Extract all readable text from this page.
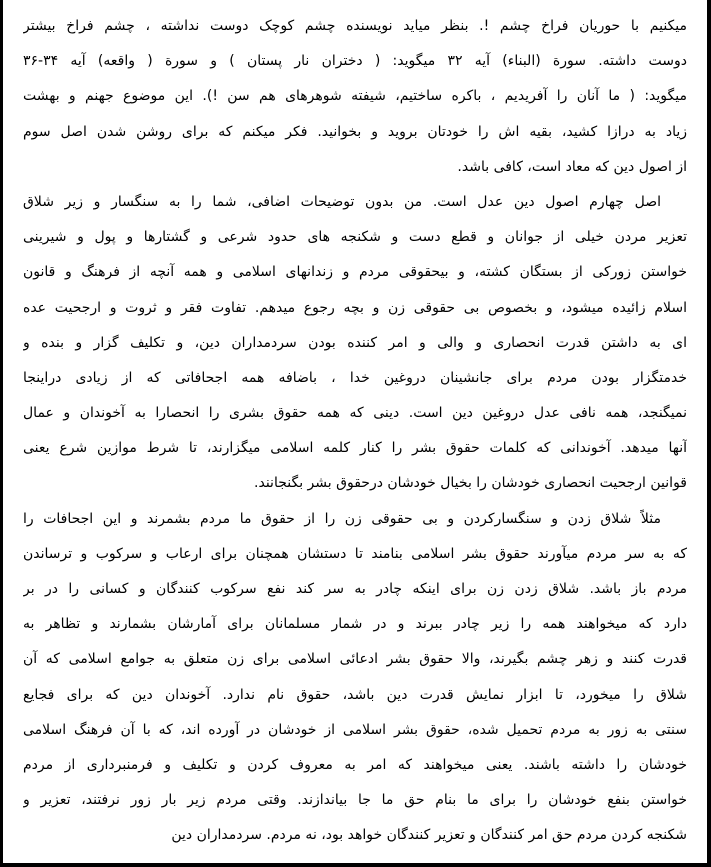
میکنیم با حوریان فراخ چشم !. بنظر میاید نویسنده چشم کوچک دوست نداشته ، چشم فراخ بیشتر
دوست داشته. سورة (البناء) آیه ۳۲ میگوید: ( دختران نار پستان ) و سورة ( واقعه) آیه ۳۴-۳۶
میگوید: ( ما آنان را آفریدیم ، باکره ساختیم، شیفته شوهرهای هم سن !). این موضوع جهنم و بهشت
زیاد به درازا کشید، بقیه اش را خودتان بروید و بخوانید. فکر میکنم که برای روشن شدن اصل سوم
از اصول دین که معاد است، کافی باشد.
اصل چهارم اصول دین عدل است. من بدون توضیحات اضافی، شما را به سنگسار و زیر شلاق
تعزیر مردن خیلی از جوانان و قطع دست و شکنجه های حدود شرعی و گشتارها و پول و شیرینی
خواستن زورکی از بستگان کشته، و بیحقوقی مردم و زندانهای اسلامی و همه آنچه از فرهنگ و قانون
اسلام زائیده میشود، و بخصوص بی حقوقی زن و بچه رجوع میدهم. تفاوت فقر و ثروت و ارجحیت عده
ای به داشتن قدرت انحصاری و والی و امر کننده بودن سردمداران دین، و تکلیف گزار و بنده و
خدمتگزار بودن مردم برای جانشینان دروغین خدا ، باضافه همه اجحافاتی که از زیادی دراینجا
نمیگنجد، همه نافی عدل دروغین دین است. دینی که همه حقوق بشری را انحصارا به آخوندان و عمال
آنها میدهد. آخوندانی که کلمات حقوق بشر را کنار کلمه اسلامی میگزارند، تا شرط موازین شرع یعنی
قوانین ارجحیت انحصاری خودشان را بخیال خودشان درحقوق بشر بگنجانند.
مثلاً شلاق زدن و سنگسارکردن و بی حقوقی زن را از حقوق ما مردم بشمرند و این اجحافات را
که به سر مردم میآورند حقوق بشر اسلامی بنامند تا دستشان همچنان برای ارعاب و سرکوب و ترساندن
مردم باز باشد. شلاق زدن زن برای اینکه چادر به سر کند نفع سرکوب کنندگان و کسانی را در بر
دارد که میخواهند همه را زیر چادر ببرند و در شمار مسلمانان برای آمارشان بشمارند و تظاهر به
قدرت کنند و زهر چشم بگیرند، والا حقوق بشر ادعائی اسلامی برای زن متعلق به جوامع اسلامی که آن
شلاق را میخورد، تا ابزار نمایش قدرت دین باشد، حقوق نام ندارد. آخوندان دین که برای فجایع
سنتی به زور به مردم تحمیل شده، حقوق بشر اسلامی از خودشان در آورده اند، که با آن فرهنگ اسلامی
خودشان را داشته باشند. یعنی میخواهند که امر به معروف کردن و تکلیف و فرمنبرداری از مردم
خواستن بنفع خودشان را برای ما بنام حق ما جا بیاندازند. وقتی مردم زیر بار زور نرفتند، تعزیر و
شکنجه کردن مردم حق امر کنندگان و تعزیر کنندگان خواهد بود، نه مردم. سردمداران دین
